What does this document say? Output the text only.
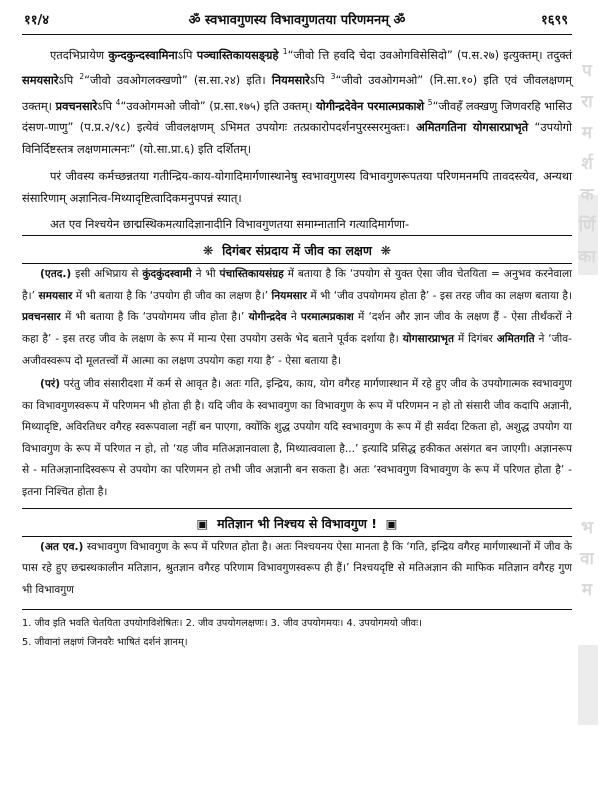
११/४	ॐ स्वभावगुणस्य विभावगुणतया परिणमनम् ॐ	१६९९

एतदभिप्रायेण कुन्दकुन्दस्वामिनाऽपि पञ्चास्तिकायसङ्ग्रहे $^1$“जीवो त्ति हवदि चेदा उवओगविसेसिदो” (प.स.२७) इत्युक्तम्। तदुक्तं समयसारेऽपि $^2$“जीवो उवओगलक्खणो” (स.सा.२४) इति। नियमसारेऽपि $^3$“जीवो उवओगमओ” (नि.सा.१०) इति एवं जीवलक्षणम् उक्तम्। प्रवचनसारेऽपि $^4$“उवओगमओ जीवो” (प्र.सा.१७५) इति उक्तम्। योगीन्द्रदेवेन परमात्मप्रकाशे $^5$“जीवहँ लक्खणु जिणवरहि भासिउ दंसण-णाणु” (प.प्र.२/९८) इत्येवं जीवलक्षणम् ऽभिमत उपयोगः तत्प्रकारोपदर्शनपुरस्सरमुक्तः। अमितगतिना योगसारप्राभृते “उपयोगो विनिर्दिष्टस्तत्र लक्षणमात्मनः” (यो.सा.प्रा.६) इति दर्शितम्।

परं जीवस्य कर्मच्छन्नतया गतीन्द्रिय-काय-योगादिमार्गणास्थानेषु स्वभावगुणस्य विभावगुणरूपतया परिणमनमपि तावदस्त्येव, अन्यथा संसारिणाम् अज्ञानित्व-मिथ्यादृष्टित्वादिकमनुपपन्नं स्यात्।

अत एव निश्चयेन छाद्मस्थिकमत्यादिज्ञानादीनि विभावगुणतया समाम्नातानि गत्यादिमार्गणा-

❋ दिगंबर संप्रदाय में जीव का लक्षण ❋

(एतद.) इसी अभिप्राय से कुंदकुंदस्वामी ने भी पंचास्तिकायसंग्रह में बताया है कि ‘उपयोग से युक्त ऐसा जीव चेतयिता = अनुभव करनेवाला है।’ समयसार में भी बताया है कि ‘उपयोग ही जीव का लक्षण है।’ नियमसार में भी ‘जीव उपयोगमय होता है’ - इस तरह जीव का लक्षण बताया है। प्रवचनसार में भी बताया है कि ‘उपयोगमय जीव होता है।’ योगीन्द्रदेव ने परमात्मप्रकाश में ‘दर्शन और ज्ञान जीव के लक्षण हैं - ऐसा तीर्थंकरों ने कहा है’ - इस तरह जीव के लक्षण के रूप में मान्य ऐसा उपयोग उसके भेद बताने पूर्वक दर्शाया है। योगसारप्राभृत में दिगंबर अमितगति ने ‘जीव-अजीवस्वरूप दो मूलतत्त्वों में आत्मा का लक्षण उपयोग कहा गया है’ - ऐसा बताया है।

(परं) परंतु जीव संसारीदशा में कर्म से आवृत है। अतः गति, इन्द्रिय, काय, योग वगैरह मार्गणास्थान में रहे हुए जीव के उपयोगात्मक स्वभावगुण का विभावगुणस्वरूप में परिणमन भी होता ही है। यदि जीव के स्वभावगुण का विभावगुण के रूप में परिणमन न हो तो संसारी जीव कदापि अज्ञानी, मिथ्यादृष्टि, अविरतिधर वगैरह स्वरूपवाला नहीं बन पाएगा, क्योंकि शुद्ध उपयोग यदि स्वभावगुण के रूप में ही सर्वदा टिकता हो, अशुद्ध उपयोग या विभावगुण के रूप में परिणत न हो, तो ‘यह जीव मतिअज्ञानवाला है, मिथ्यात्ववाला है...’ इत्यादि प्रसिद्ध हकीकत असंगत बन जाएगी। अज्ञानरूप से - मतिअज्ञानादिस्वरूप से उपयोग का परिणमन हो तभी जीव अज्ञानी बन सकता है। अतः ‘स्वभावगुण विभावगुण के रूप में परिणत होता है’ - इतना निश्चित होता है।

▣ मतिज्ञान भी निश्चय से विभावगुण ! ▣

(अत एव.) स्वभावगुण विभावगुण के रूप में परिणत होता है। अतः निश्चयनय ऐसा मानता है कि ‘गति, इन्द्रिय वगैरह मार्गणास्थानों में जीव के पास रहे हुए छद्मस्थकालीन मतिज्ञान, श्रुतज्ञान वगैरह परिणाम विभावगुणस्वरूप ही हैं।’ निश्चयदृष्टि से मतिअज्ञान की माफिक मतिज्ञान वगैरह गुण भी विभावगुण

1. जीव इति भवति चेतयिता उपयोगविशेषितः। 2. जीव उपयोगलक्षणः। 3. जीव उपयोगमयः। 4. उपयोगमयो जीवः।
5. जीवानां लक्षणं जिनवरैः भाषितं दर्शनं ज्ञानम्।
प
रा
म
र्श
क
र्णि
का
भ
वा
म
